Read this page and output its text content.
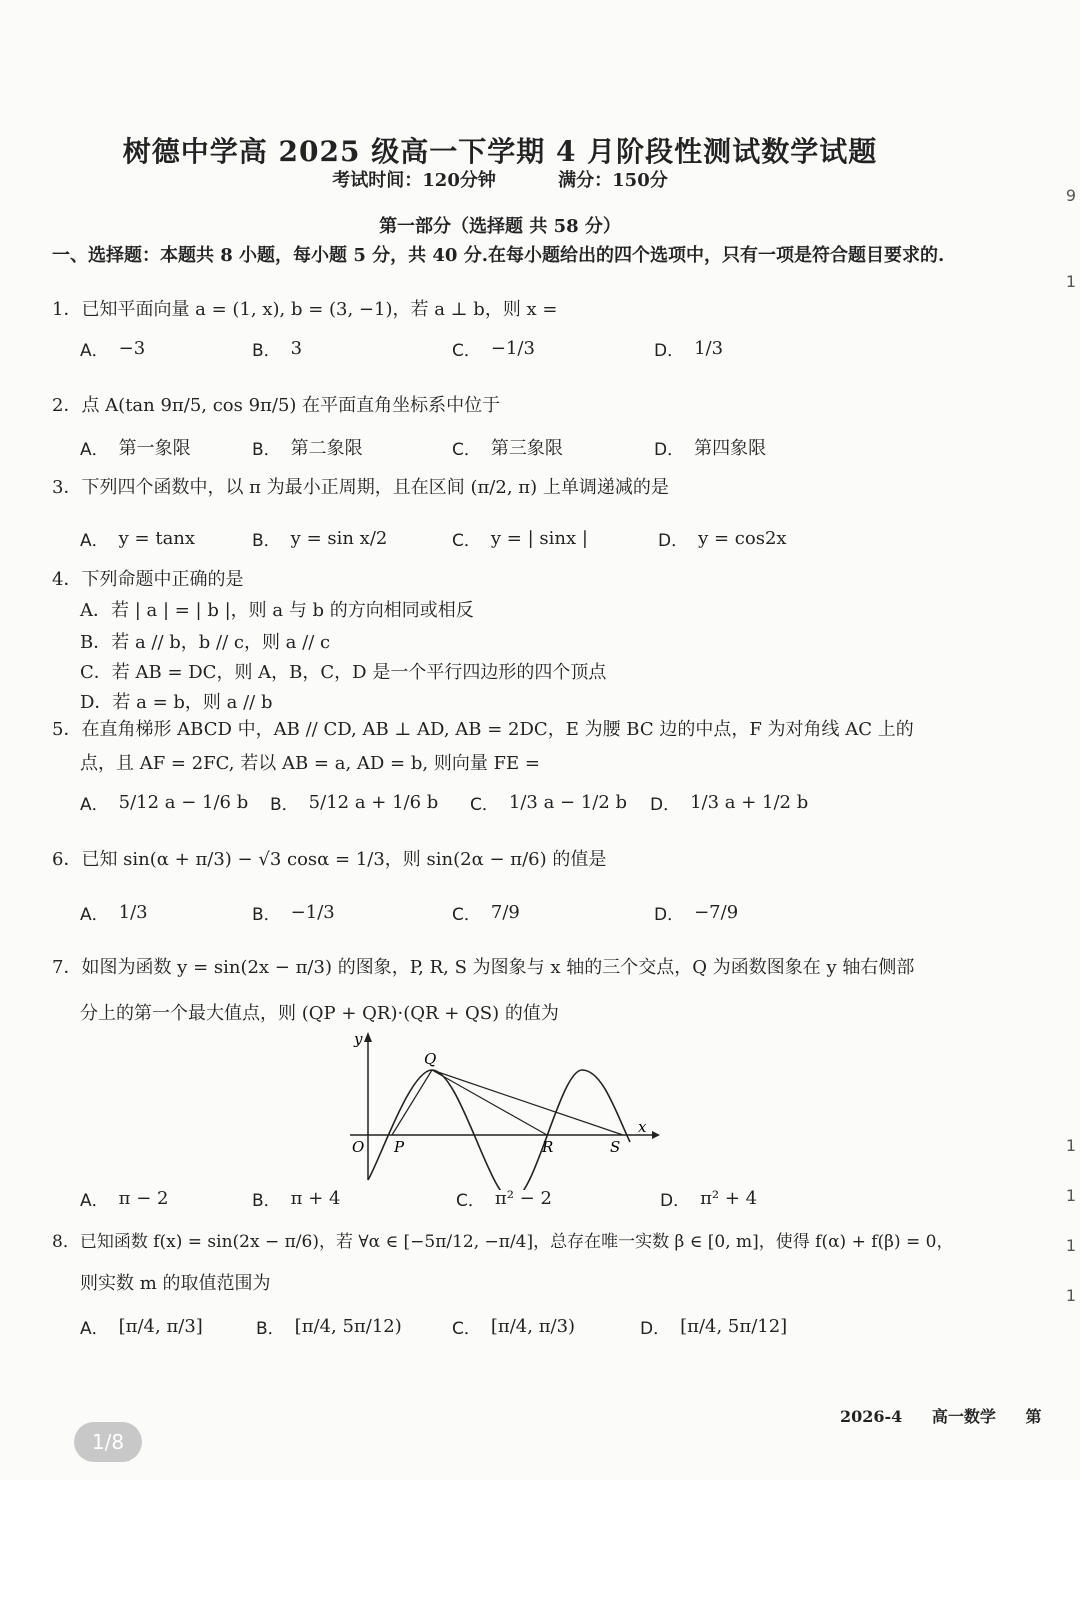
树德中学高 2025 级高一下学期 4 月阶段性测试数学试题
考试时间：120分钟	满分：150分
第一部分（选择题 共 58 分）
一、选择题：本题共 8 小题，每小题 5 分，共 40 分.在每小题给出的四个选项中，只有一项是符合题目要求的.
1．已知平面向量 a = (1, x), b = (3, −1)，若 a ⊥ b，则 x =
A． −3	B． 3	C． −1/3	D． 1/3
2．点 A(tan 9π/5, cos 9π/5) 在平面直角坐标系中位于
A． 第一象限	B． 第二象限	C． 第三象限	D． 第四象限
3．下列四个函数中，以 π 为最小正周期，且在区间 (π/2, π) 上单调递减的是
A． y = tanx	B． y = sin x/2	C． y = | sinx |	D． y = cos2x
4．下列命题中正确的是
A．若 | a | = | b |，则 a 与 b 的方向相同或相反
B．若 a // b，b // c，则 a // c
C．若 AB = DC，则 A，B，C，D 是一个平行四边形的四个顶点
D．若 a = b，则 a // b
5．在直角梯形 ABCD 中，AB // CD, AB ⊥ AD, AB = 2DC，E 为腰 BC 边的中点，F 为对角线 AC 上的
点，且 AF = 2FC, 若以 AB = a, AD = b, 则向量 FE =
A． 5/12 a − 1/6 b B． 5/12 a + 1/6 b C． 1/3 a − 1/2 b D． 1/3 a + 1/2 b
6．已知 sin(α + π/3) − √3 cosα = 1/3，则 sin(2α − π/6) 的值是
A． 1/3	B． −1/3	C． 7/9	D． −7/9
7．如图为函数 y = sin(2x − π/3) 的图象，P, R, S 为图象与 x 轴的三个交点，Q 为函数图象在 y 轴右侧部
分上的第一个最大值点，则 (QP + QR)·(QR + QS) 的值为
y
x
O P
Q
R	S
A． π − 2	B． π + 4	C． π² − 2	D． π² + 4
8．已知函数 f(x) = sin(2x − π/6)，若 ∀α ∈ [−5π/12, −π/4]，总存在唯一实数 β ∈ [0, m]，使得 f(α) + f(β) = 0，
则实数 m 的取值范围为
A． [π/4, π/3]	B． [π/4, 5π/12)	C． [π/4, π/3)	D． [π/4, 5π/12]
2026-4 高一数学 第
9
1
1
1
1
1
1/8
